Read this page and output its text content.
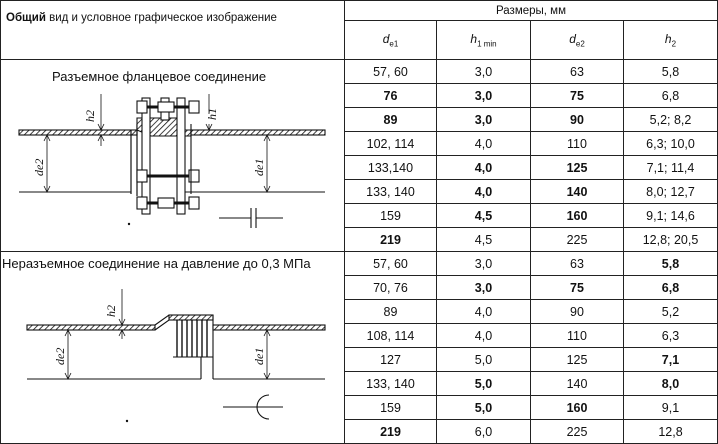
Общий вид и условное графическое изображение	Размеры, мм			
	$d_{e1}$	$h_{1 min}$	$d_{e2}$	$h_2$

Разъемное фланцевое соединение
h2 h1
de2 de1	57, 60	3,0	63	5,8
	76	3,0	75	6,8
	89	3,0	90	5,2; 8,2
	102, 114	4,0	110	6,3; 10,0
	133,140	4,0	125	7,1; 11,4
	133, 140	4,0	140	8,0; 12,7
	159	4,5	160	9,1; 14,6
	219	4,5	225	12,8; 20,5

Неразъемное соединение на давление до 0,3 МПа
h2
de2 de1	57, 60	3,0	63	5,8
	70, 76	3,0	75	6,8
	89	4,0	90	5,2
	108, 114	4,0	110	6,3
	127	5,0	125	7,1
	133, 140	5,0	140	8,0
	159	5,0	160	9,1
	219	6,0	225	12,8
